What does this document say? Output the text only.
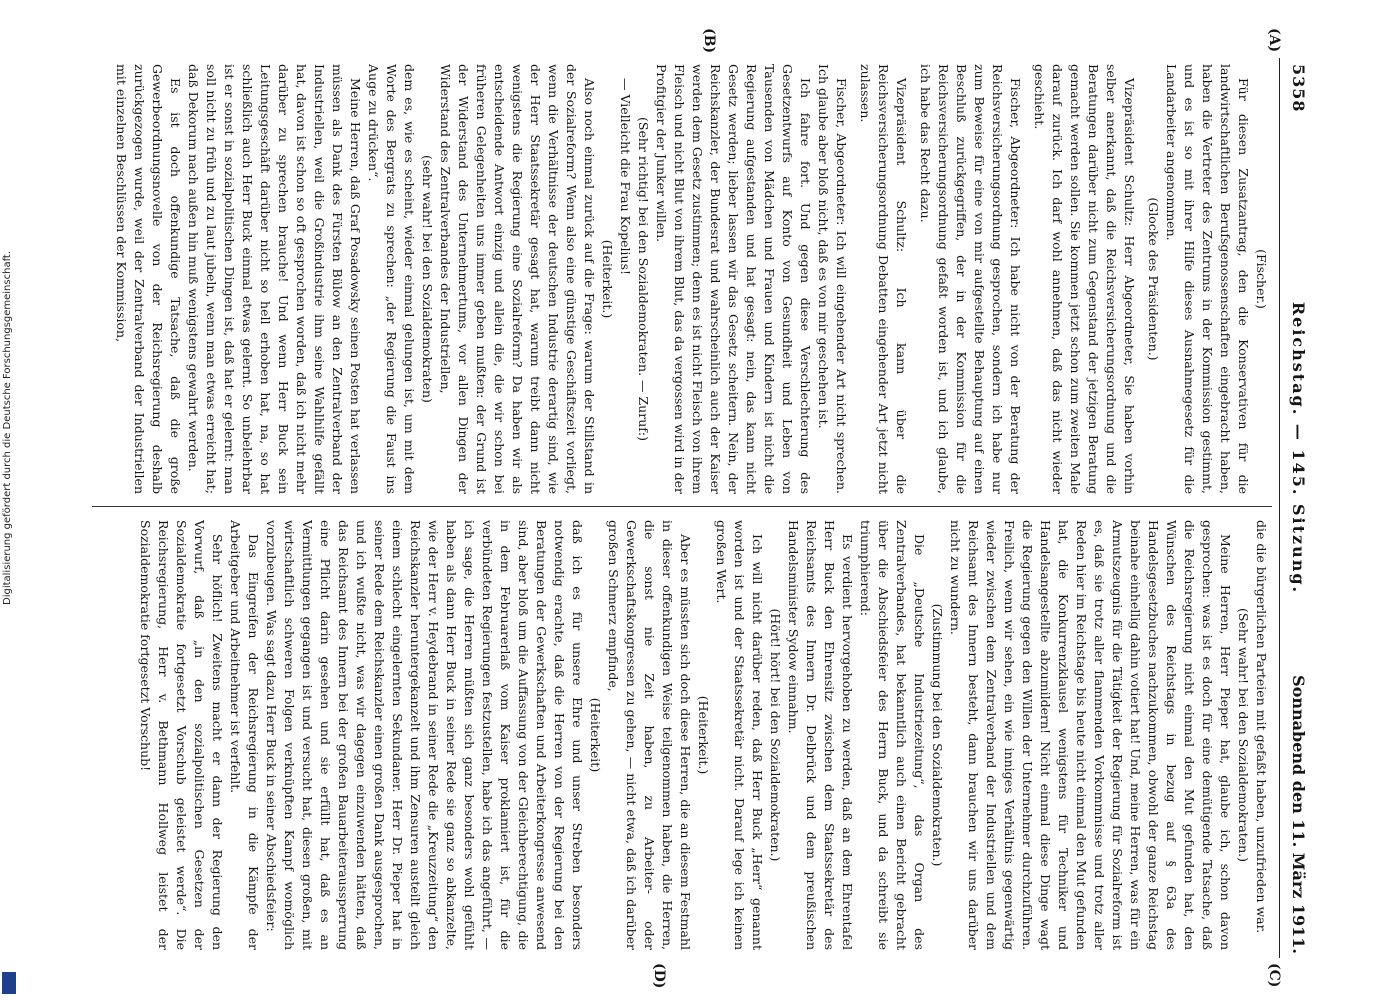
5358
Reichstag. — 145. Sitzung.
Sonnabend den 11. März 1911.
(A)
(B)
(C)
(D)

(Fischer.)

Für diesen Zusatzantrag, den die Konservativen für die landwirtschaftlichen Berufsgenossenschaften eingebracht haben, haben die Vertreter des Zentrums in der Kommission gestimmt, und es ist so mit ihrer Hilfe dieses Ausnahmegesetz für die Landarbeiter angenommen.

(Glocke des Präsidenten.)

Vizepräsident Schultz: Herr Abgeordneter, Sie haben vorhin selber anerkannt, daß die Reichsversicherungsordnung und die Beratungen darüber nicht zum Gegenstand der jetzigen Beratung gemacht werden sollen. Sie kommen jetzt schon zum zweiten Male darauf zurück. Ich darf wohl annehmen, daß das nicht wieder geschieht.

Fischer, Abgeordneter: Ich habe nicht von der Beratung der Reichsversicherungsordnung gesprochen, sondern ich habe nur zum Beweise für eine von mir aufgestellte Behauptung auf einen Beschluß zurückgegriffen, der in der Kommission für die Reichsversicherungsordnung gefaßt worden ist, und ich glaube, ich habe das Recht dazu.

Vizepräsident Schultz: Ich kann über die Reichsversicherungsordnung Debatten eingehender Art jetzt nicht zulassen.

Fischer, Abgeordneter: Ich will eingehender Art nicht sprechen. Ich glaube aber bloß nicht, daß es von mir geschehen ist.

Ich fahre fort. Und gegen diese Verschlechterung des Gesetzentwurfs auf Konto von Gesundheit und Leben von Tausenden von Mädchen und Frauen und Kindern ist nicht die Regierung aufgestanden und hat gesagt: nein, das kann nicht Gesetz werden; lieber lassen wir das Gesetz scheitern. Nein, der Reichskanzler, der Bundesrat und wahrscheinlich auch der Kaiser werden dem Gesetz zustimmen; denn es ist nicht Fleisch von ihrem Fleisch und nicht Blut von ihrem Blut, das da vergossen wird in der Profitgier der Junker willen.

(Sehr richtig! bei den Sozialdemokraten. — Zuruf:)

— Vielleicht die Frau Kopelius!

(Heiterkeit.)

Also noch einmal zurück auf die Frage: warum der Stillstand in der Sozialreform? Wenn also eine günstige Geschäftszeit vorliegt, wenn die Verhältnisse der deutschen Industrie derartig sind, wie der Herr Staatssekretär gesagt hat, warum treibt dann nicht wenigstens die Regierung eine Sozialreform? Da haben wir als entscheidende Antwort einzig und allein die, die wir schon bei früheren Gelegenheiten uns immer geben mußten: der Grund ist der Widerstand des Unternehmertums, vor allen Dingen der Widerstand des Zentralverbandes der Industriellen,

(sehr wahr! bei den Sozialdemokraten)

dem es, wie es scheint, wieder einmal gelungen ist, um mit dem Worte des Bergrats zu sprechen: „der Regierung die Faust ins Auge zu drücken“.

Meine Herren, daß Graf Posadowsky seinen Posten hat verlassen müssen als Dank des Fürsten Bülow an den Zentralverband der Industriellen, weil die Großindustrie ihm seine Wahlhilfe gefällt hat, davon ist schon so oft gesprochen worden, daß ich nicht mehr darüber zu sprechen brauche! Und wenn Herr Buck sein Leitungsgeschäft darüber nicht so hell erhoben hat, na, so hat schließlich auch Herr Buck einmal etwas gelernt. So unbelehrbar ist er sonst in sozialpolitischen Dingen ist, daß hat er gelernt: man soll nicht zu früh und zu laut jubeln, wenn man etwas erreicht hat; daß Dekorum nach außen hin muß wenigstens gewahrt werden.

Es ist doch offenkundige Tatsache, daß die große Gewerbeordnungsnovelle von der Reichsregierung deshalb zurückgezogen wurde, weil der Zentralverband der Industriellen mit einzelnen Beschlüssen der Kommission,

die die bürgerlichen Parteien mit gefaßt haben, unzufrieden war.

(Sehr wahr! bei den Sozialdemokraten.)

Meine Herren, Herr Pieper hat, glaube ich, schon davon gesprochen: was ist es doch für eine demütigende Tatsache, daß die Reichsregierung nicht einmal den Mut gefunden hat, den Wünschen des Reichstags in bezug auf § 63a des Handelsgesetzbuches nachzukommen, obwohl der ganze Reichstag beinahe einhellig dahin votiert hat! Und, meine Herren, was für ein Armutszeugnis für die Tätigkeit der Regierung für Sozialreform ist es, daß sie trotz aller flammenden Vorkommnisse und trotz aller Reden hier im Reichstage bis heute nicht einmal den Mut gefunden hat, die Konkurrenzklausel wenigstens für Techniker und Handelsangestellte abzumildern! Nicht einmal diese Dinge wagt die Regierung gegen den Willen der Unternehmer durchzuführen. Freilich, wenn wir sehen, ein wie inniges Verhältnis gegenwärtig wieder zwischen dem Zentralverband der Industriellen und dem Reichsamt des Innern besteht, dann brauchen wir uns darüber nicht zu wundern.

(Zustimmung bei den Sozialdemokraten.)

Die „Deutsche Industriezeitung“, das Organ des Zentralverbandes, hat bekanntlich auch einen Bericht gebracht über die Abschiedsfeier des Herrn Buck, und da schreibt sie triumphierend:

Es verdient hervorgehoben zu werden, daß an dem Ehrentafel Herr Buck den Ehrensitz zwischen dem Staatssekretär des Reichsamts des Innern Dr. Delbrück und dem preußischen Handelsminister Sydow einnahm.

(Hört! hört! bei den Sozialdemokraten.)

Ich will nicht darüber reden, daß Herr Buck „Herr“ genannt worden ist und der Staatssekretär nicht. Darauf lege ich keinen großen Wert.

(Heiterkeit.)

Aber es müssten sich doch diese Herren, die an diesem Festmahl in dieser offenkundigen Weise teilgenommen haben, die Herren, die sonst nie Zeit haben, zu Arbeiter- oder Gewerkschaftskongressen zu gehen, — nicht etwa, daß ich darüber großen Schmerz empfinde,

(Heiterkeit)

daß ich es für unsere Ehre und unser Streben besonders notwendig erachte, daß die Herren von der Regierung bei den Beratungen der Gewerkschaften und Arbeiterkongresse anwesend sind, aber bloß um die Auffassung von der Gleichberechtigung, die in dem Februarerlaß vom Kaiser proklamiert ist, für die verbündeten Regierungen festzustellen, habe ich das angeführt, — ich sage, die Herren müßten sich ganz besonders wohl gefühlt haben als dann Herr Buck in seiner Rede sie ganz so abkanzelte, wie der Herr v. Heydebrand in seiner Rede die „Kreuzzeitung“ den Reichskanzler heruntergekanzelt und ihm Zensuren austeilt gleich einem schlecht eingelernten Sekundaner. Herr Dr. Pieper hat in seiner Rede dem Reichskanzler einen großen Dank ausgesprochen, und ich wußte nicht, was wir dagegen einzuwenden hätten, daß das Reichsamt des Innern bei der großen Bauarbeiteraussperrung eine Pflicht darin gesehen und sie erfüllt hat, daß es an Vermittlungen gegangen ist und versucht hat, diesen großen, mit wirtschaftlich schweren Folgen verknüpften Kampf womöglich vorzubeugen. Was sagt dazu Herr Buck in seiner Abschiedsfeier:

Das Eingreifen der Reichsregierung in die Kämpfe der Arbeitgeber und Arbeitnehmer ist verfehlt.

Sehr höflich! Zweitens macht er dann der Regierung den Vorwurf, daß „in den sozialpolitischen Gesetzen der Sozialdemokratie fortgesetzt Vorschub geleistet werde“. Die Reichsregierung, Herr v. Bethmann Hollweg leistet der Sozialdemokratie fortgesetzt Vorschub!

Digitalisierung gefördert durch die Deutsche Forschungsgemeinschaft.
